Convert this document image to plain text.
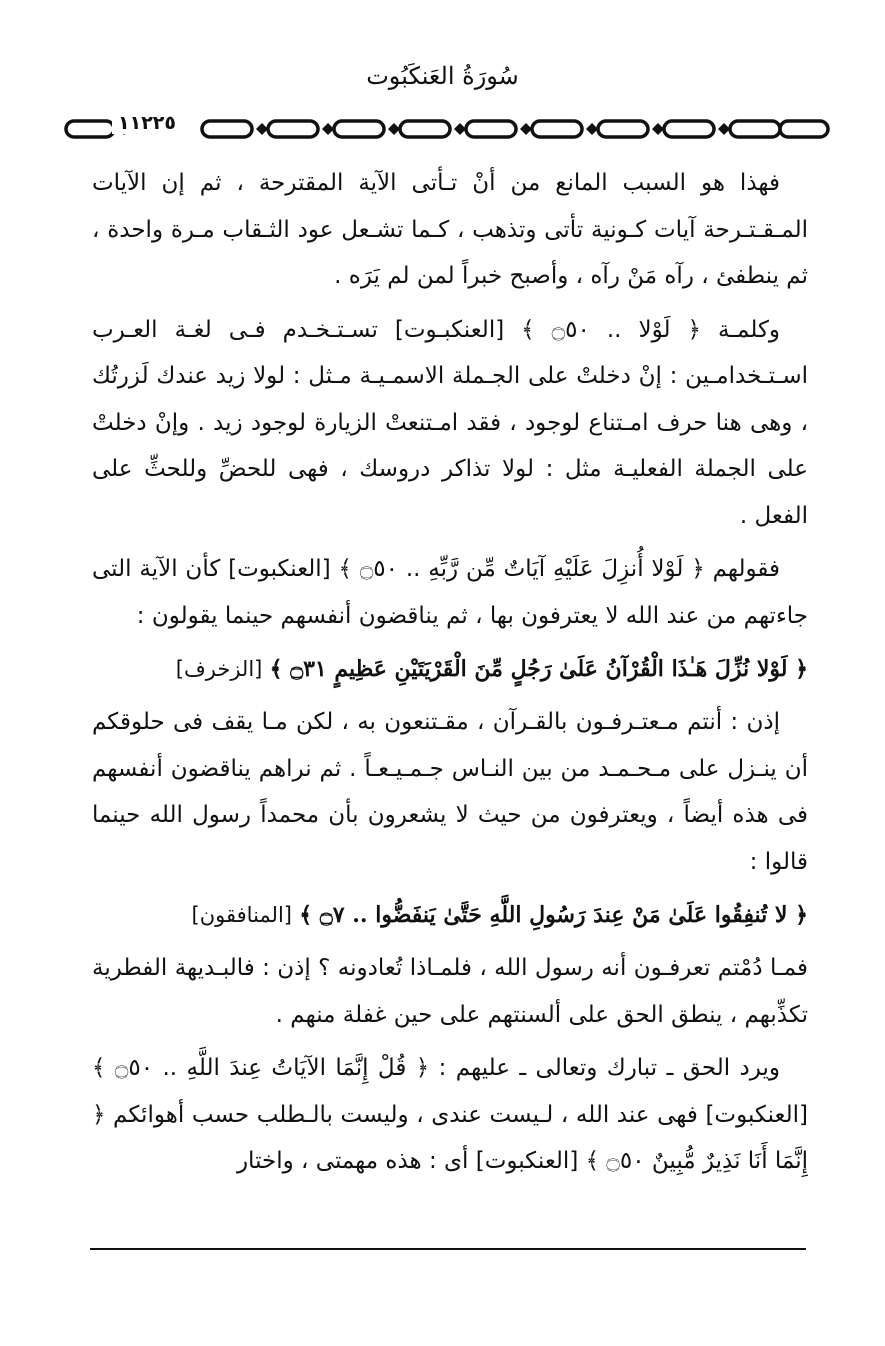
سُورَةُ العَنكَبُوت
١١٢٢٥

فهذا هو السبب المانع من أنْ تـأتى الآية المقترحة ، ثم إن الآيات المـقـتـرحة آيات كـونية تأتى وتذهب ، كـما تشـعل عود الثـقاب مـرة واحدة ، ثم ينطفئ ، رآه مَنْ رآه ، وأصبح خبراً لمن لم يَرَه .

وكلمـة ﴿ لَوْلا .. ۝٥٠ ﴾ [العنكبـوت] تسـتـخـدم فـى لغـة العـرب اسـتـخدامـين : إنْ دخلتْ على الجـملة الاسمـيـة مـثل : لولا زيد عندك لَزرتُك ، وهى هنا حرف امـتناع لوجود ، فقد امـتنعتْ الزيارة لوجود زيد . وإنْ دخلتْ على الجملة الفعليـة مثل : لولا تذاكر دروسك ، فهى للحضِّ وللحثِّ على الفعل .

فقولهم ﴿ لَوْلا أُنزِلَ عَلَيْهِ آيَاتٌ مِّن رَّبِّهِ .. ۝٥٠ ﴾ [العنكبوت] كأن الآية التى جاءتهم من عند الله لا يعترفون بها ، ثم يناقضون أنفسهم حينما يقولون :

﴿ لَوْلا نُزِّلَ هَـٰذَا الْقُرْآنُ عَلَىٰ رَجُلٍ مِّنَ الْقَرْيَتَيْنِ عَظِيمٍ ۝٣١ ﴾ [الزخرف]

إذن : أنتم مـعتـرفـون بالقـرآن ، مقـتنعون به ، لكن مـا يقف فى حلوقكم أن ينـزل على مـحـمـد من بين النـاس جـمـيـعـاً . ثم نراهم يناقضون أنفسهم فى هذه أيضاً ، ويعترفون من حيث لا يشعرون بأن محمداً رسول الله حينما قالوا :

﴿ لا تُنفِقُوا عَلَىٰ مَنْ عِندَ رَسُولِ اللَّهِ حَتَّىٰ يَنفَضُّوا .. ۝٧ ﴾ [المنافقون]

فمـا دُمْتم تعرفـون أنه رسول الله ، فلمـاذا تُعادونه ؟ إذن : فالبـديهة الفطرية تكذِّبهم ، ينطق الحق على ألسنتهم على حين غفلة منهم .

ويرد الحق ـ تبارك وتعالى ـ عليهم : ﴿ قُلْ إِنَّمَا الآيَاتُ عِندَ اللَّهِ .. ۝٥٠ ﴾ [العنكبوت] فهى عند الله ، لـيست عندى ، وليست بالـطلب حسب أهوائكم ﴿ إِنَّمَا أَنَا نَذِيرٌ مُّبِينٌ ۝٥٠ ﴾ [العنكبوت] أى : هذه مهمتى ، واختار
